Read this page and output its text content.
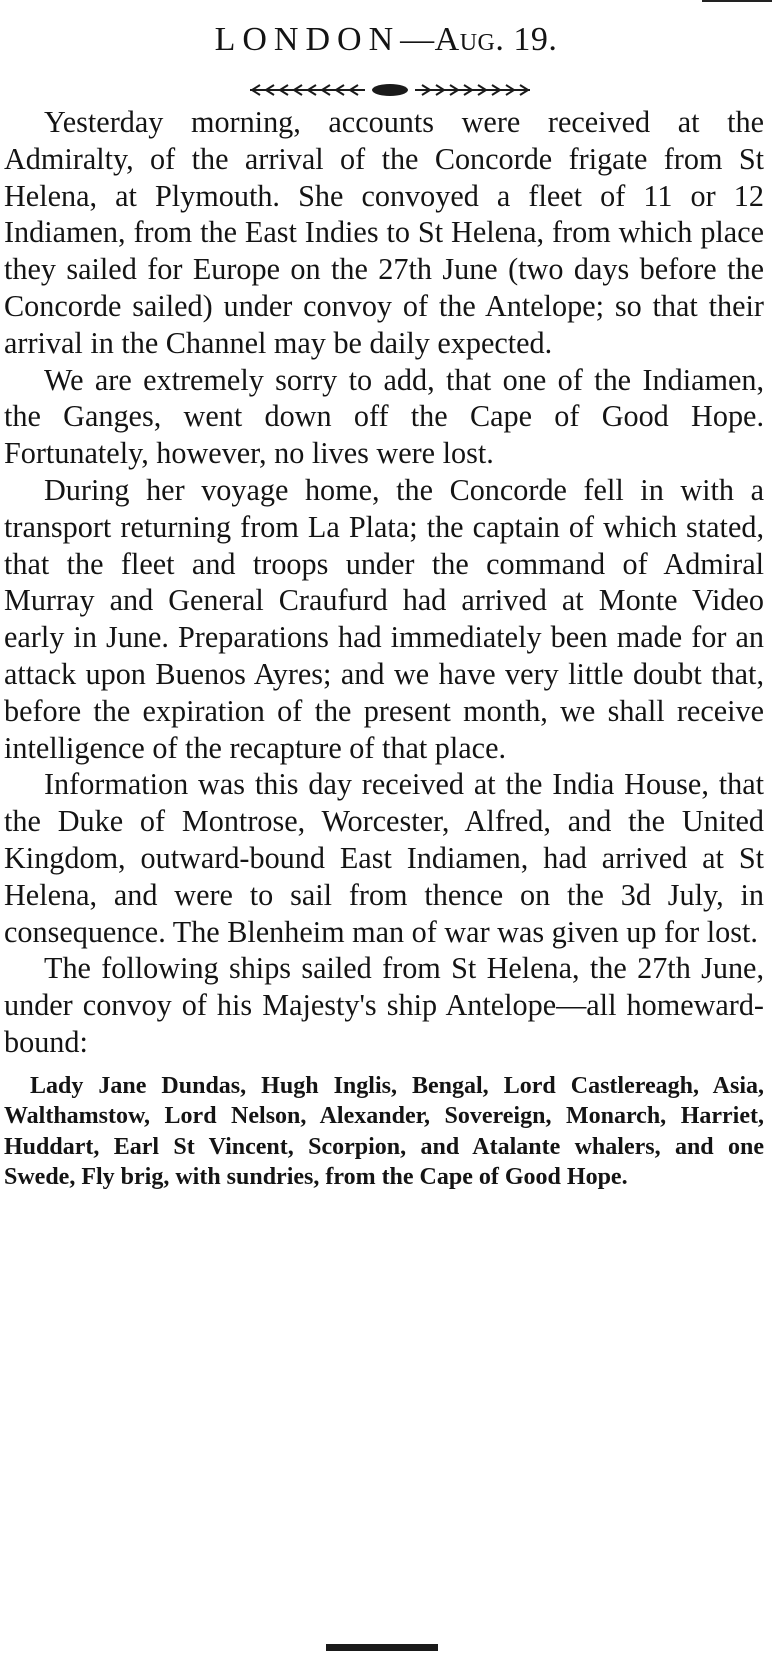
LONDON—Aug. 19.

Yesterday morning, accounts were received at the Admiralty, of the arrival of the Concorde frigate from St Helena, at Plymouth. She convoyed a fleet of 11 or 12 Indiamen, from the East Indies to St Helena, from which place they sailed for Europe on the 27th June (two days before the Concorde sailed) under convoy of the Antelope; so that their arrival in the Channel may be daily expected.

We are extremely sorry to add, that one of the Indiamen, the Ganges, went down off the Cape of Good Hope. Fortunately, however, no lives were lost.

During her voyage home, the Concorde fell in with a transport returning from La Plata; the captain of which stated, that the fleet and troops under the command of Admiral Murray and General Craufurd had arrived at Monte Video early in June. Preparations had immediately been made for an attack upon Buenos Ayres; and we have very little doubt that, before the expiration of the present month, we shall receive intelligence of the recapture of that place.

Information was this day received at the India House, that the Duke of Montrose, Worcester, Alfred, and the United Kingdom, outward-bound East Indiamen, had arrived at St Helena, and were to sail from thence on the 3d July, in consequence. The Blenheim man of war was given up for lost.

The following ships sailed from St Helena, the 27th June, under convoy of his Majesty's ship Antelope—all homeward-bound:

Lady Jane Dundas, Hugh Inglis, Bengal, Lord Castlereagh, Asia, Walthamstow, Lord Nelson, Alexander, Sovereign, Monarch, Harriet, Huddart, Earl St Vincent, Scorpion, and Atalante whalers, and one Swede, Fly brig, with sundries, from the Cape of Good Hope.
